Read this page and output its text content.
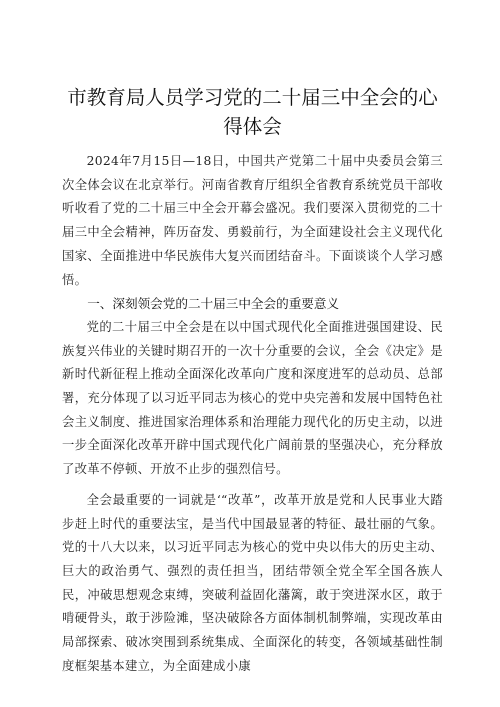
市教育局人员学习党的二十届三中全会的心得体会

2024年7月15日—18日，中国共产党第二十届中央委员会第三次全体会议在北京举行。河南省教育厅组织全省教育系统党员干部收听收看了党的二十届三中全会开幕会盛况。我们要深入贯彻党的二十届三中全会精神，阵历奋发、勇毅前行，为全面建设社会主义现代化国家、全面推进中华民族伟大复兴而团结奋斗。下面谈谈个人学习感悟。

一、深刻领会党的二十届三中全会的重要意义

党的二十届三中全会是在以中国式现代化全面推进强国建设、民族复兴伟业的关键时期召开的一次十分重要的会议，全会《决定》是新时代新征程上推动全面深化改革向广度和深度进军的总动员、总部署，充分体现了以习近平同志为核心的党中央完善和发展中国特色社会主义制度、推进国家治理体系和治理能力现代化的历史主动，以进一步全面深化改革开辟中国式现代化广阔前景的坚强决心，充分释放了改革不停顿、开放不止步的强烈信号。

全会最重要的一词就是‘“改革”，改革开放是党和人民事业大踏步赶上时代的重要法宝，是当代中国最显著的特征、最壮丽的气象。党的十八大以来，以习近平同志为核心的党中央以伟大的历史主动、巨大的政治勇气、强烈的责任担当，团结带领全党全军全国各族人民，冲破思想观念束缚，突破利益固化藩篱，敢于突进深水区，敢于啃硬骨头，敢于涉险滩，坚决破除各方面体制机制弊端，实现改革由局部探索、破冰突围到系统集成、全面深化的转变，各领域基础性制度框架基本建立，为全面建成小康
